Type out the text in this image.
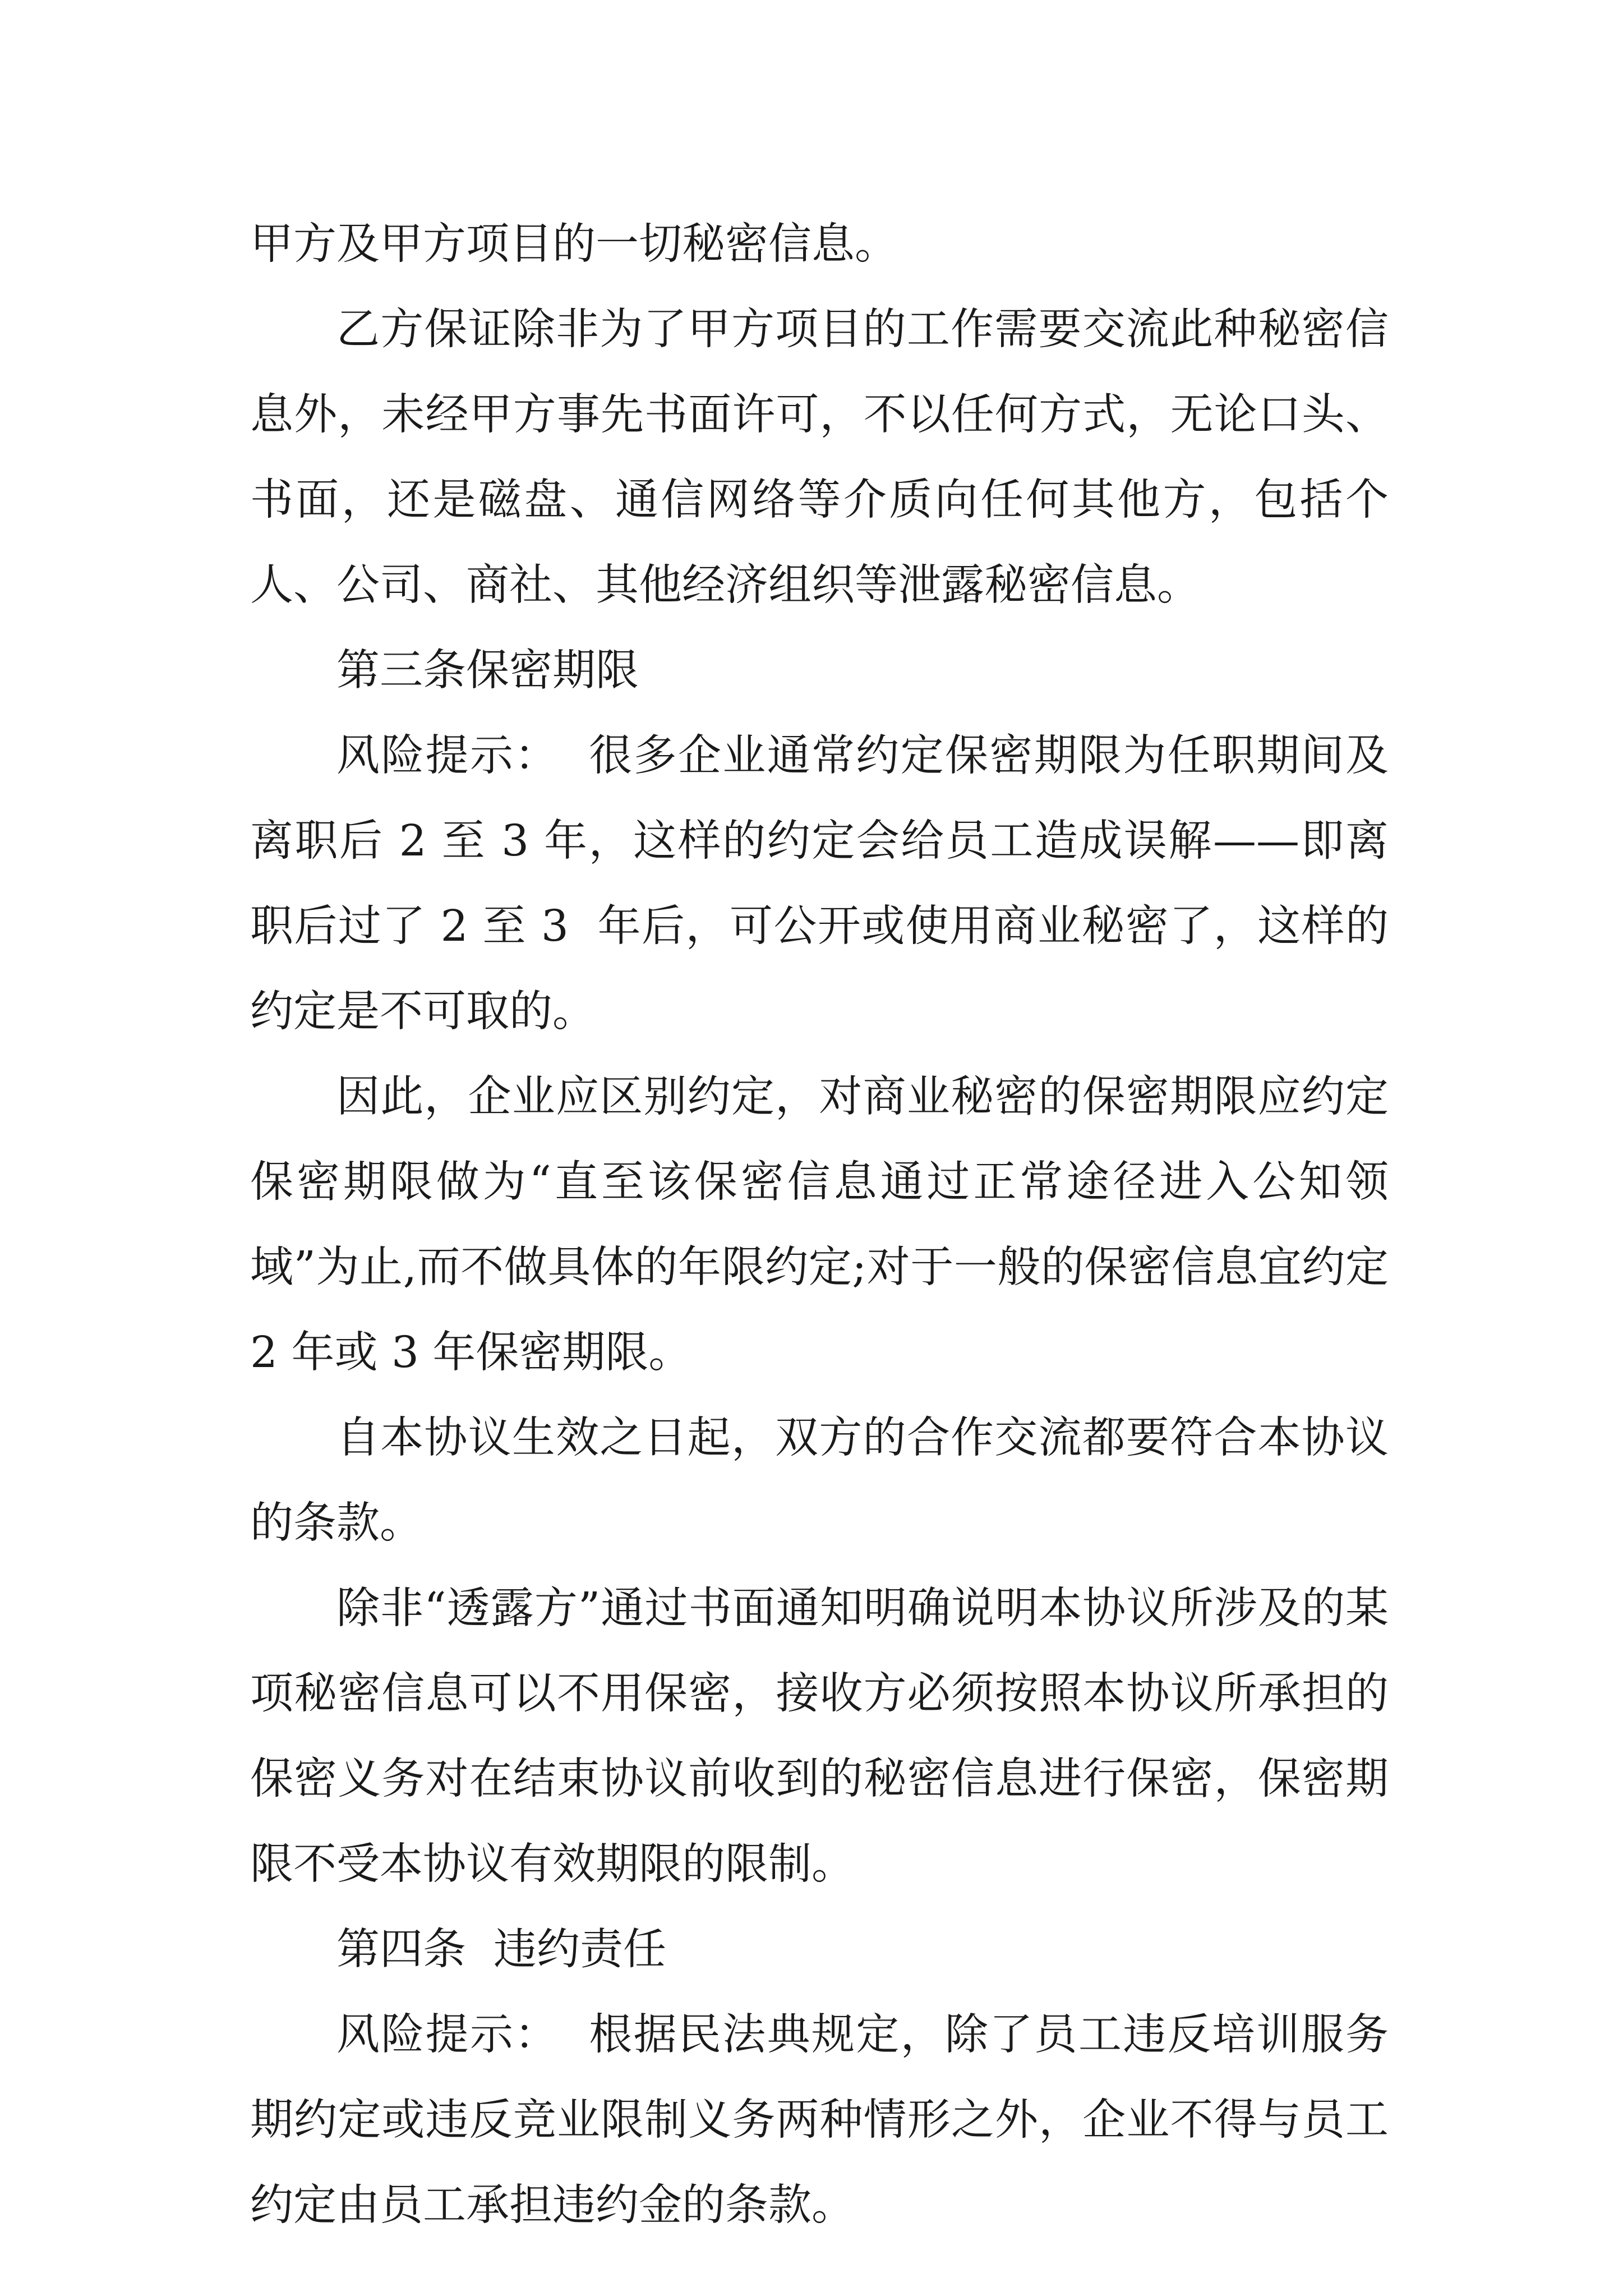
甲方及甲方项目的一切秘密信息。

乙方保证除非为了甲方项目的工作需要交流此种秘密信息外，未经甲方事先书面许可，不以任何方式，无论口头、书面，还是磁盘、通信网络等介质向任何其他方，包括个人、公司、商社、其他经济组织等泄露秘密信息。

第三条保密期限

风险提示：  很多企业通常约定保密期限为任职期间及离职后 2 至 3 年，这样的约定会给员工造成误解——即离职后过了 2 至 3  年后，可公开或使用商业秘密了，这样的约定是不可取的。

因此，企业应区别约定，对商业秘密的保密期限应约定保密期限做为“直至该保密信息通过正常途径进入公知领域”为止,而不做具体的年限约定;对于一般的保密信息宜约定 2 年或 3 年保密期限。

自本协议生效之日起，双方的合作交流都要符合本协议的条款。

除非“透露方”通过书面通知明确说明本协议所涉及的某项秘密信息可以不用保密，接收方必须按照本协议所承担的保密义务对在结束协议前收到的秘密信息进行保密，保密期限不受本协议有效期限的限制。

第四条  违约责任

风险提示：  根据民法典规定，除了员工违反培训服务期约定或违反竞业限制义务两种情形之外，企业不得与员工约定由员工承担违约金的条款。
